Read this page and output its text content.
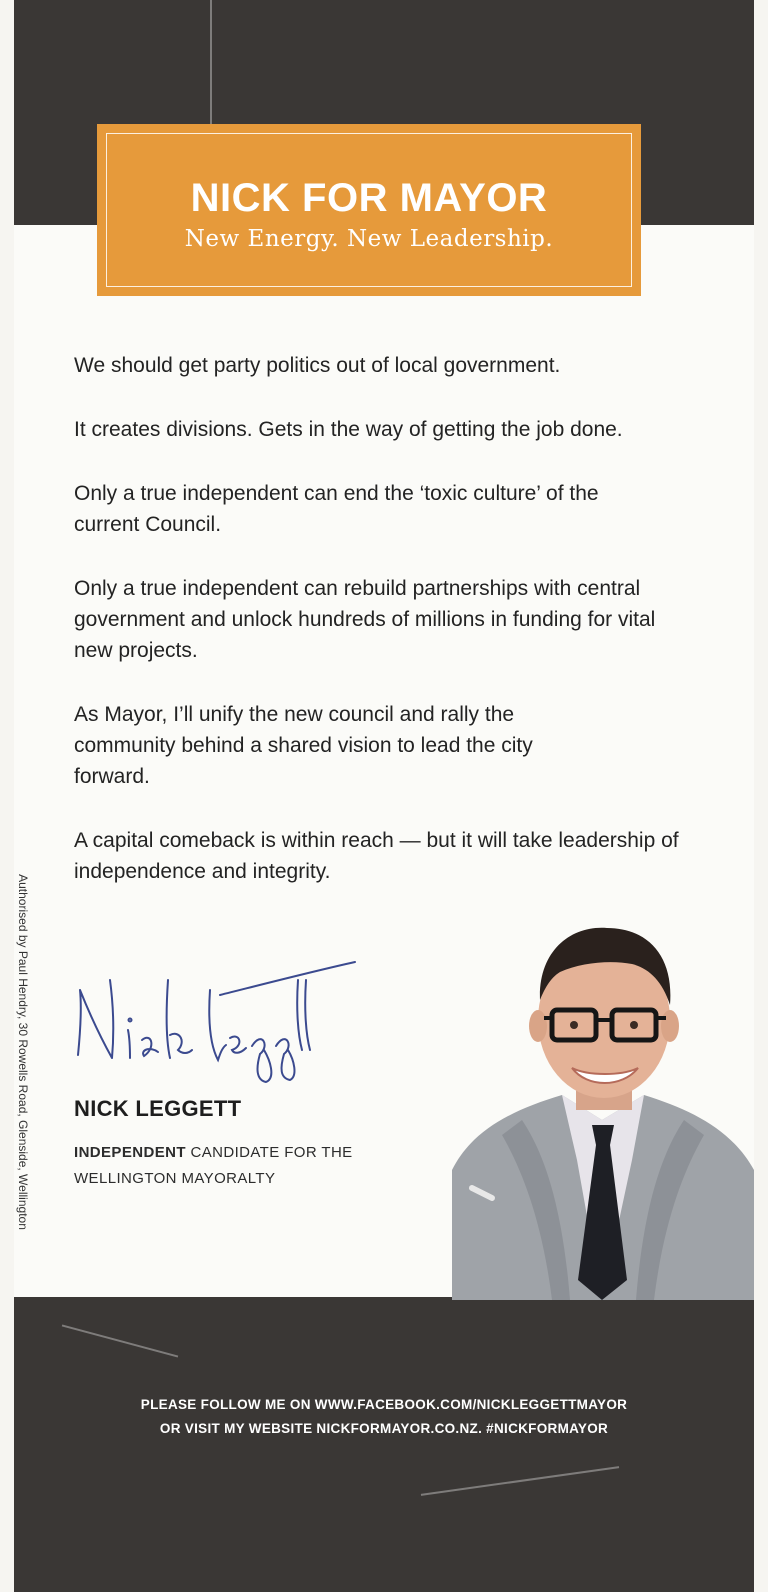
NICK FOR MAYOR
New Energy. New Leadership.

We should get party politics out of local government.

It creates divisions. Gets in the way of getting the job done.

Only a true independent can end the ‘toxic culture’ of the current Council.

Only a true independent can rebuild partnerships with central government and unlock hundreds of millions in funding for vital new projects.

As Mayor, I’ll unify the new council and rally the community behind a shared vision to lead the city forward.

A capital comeback is within reach — but it will take leadership of independence and integrity.

Authorised by Paul Hendry, 30 Rowells Road, Glenside, Wellington NICK LEGGETT
INDEPENDENT CANDIDATE FOR THE
WELLINGTON MAYORALTY
PLEASE FOLLOW ME ON WWW.FACEBOOK.COM/NICKLEGGETTMAYOR
OR VISIT MY WEBSITE NICKFORMAYOR.CO.NZ. #NICKFORMAYOR
